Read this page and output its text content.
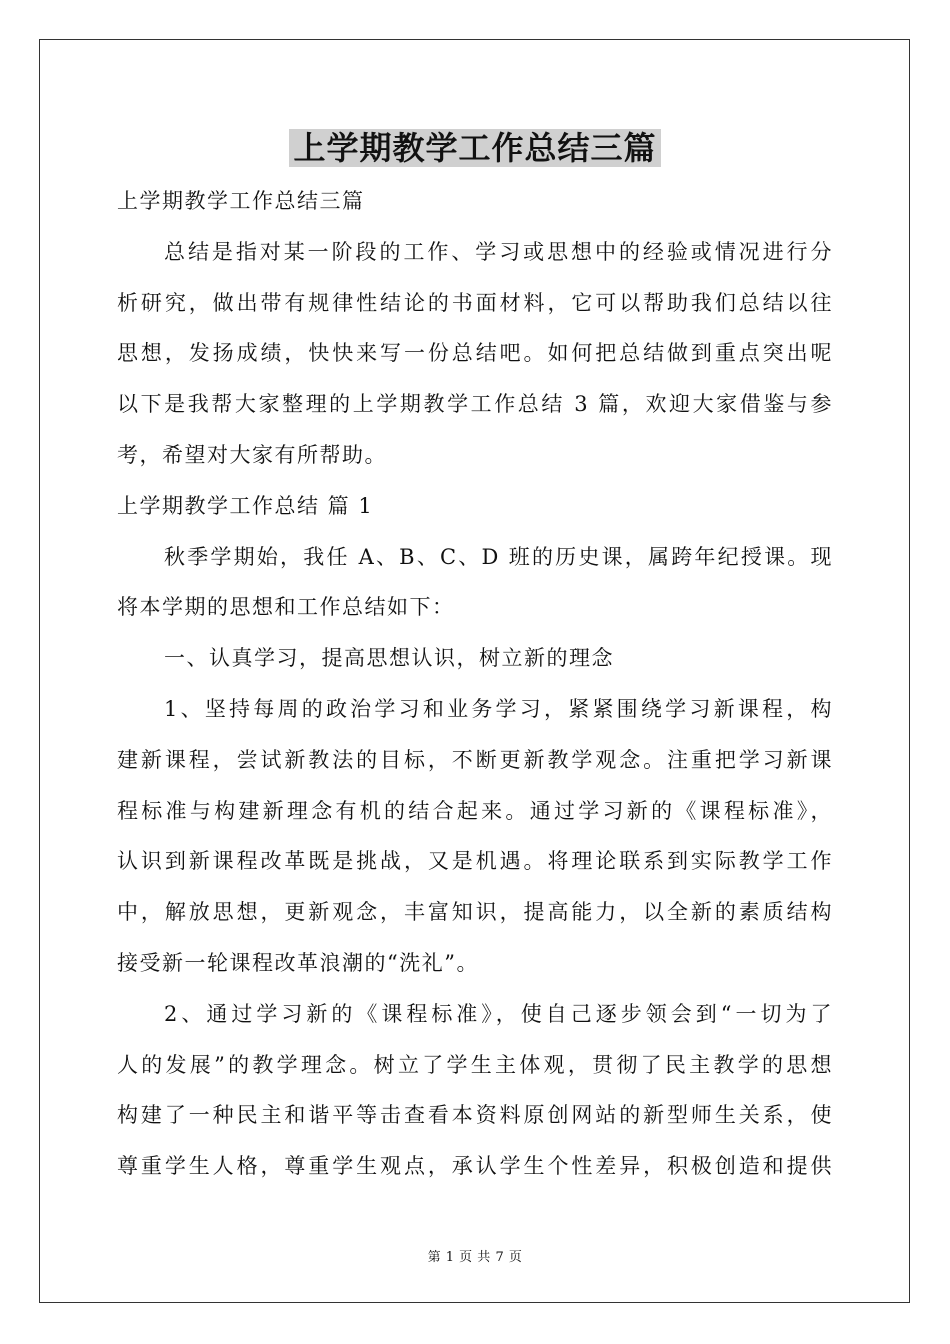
上学期教学工作总结三篇
上学期教学工作总结三篇
总结是指对某一阶段的工作、学习或思想中的经验或情况进行分
析研究，做出带有规律性结论的书面材料，它可以帮助我们总结以往
思想，发扬成绩，快快来写一份总结吧。如何把总结做到重点突出呢
以下是我帮大家整理的上学期教学工作总结 3 篇，欢迎大家借鉴与参
考，希望对大家有所帮助。
上学期教学工作总结 篇 1
秋季学期始，我任 A、B、C、D 班的历史课，属跨年纪授课。现
将本学期的思想和工作总结如下：
一、认真学习，提高思想认识，树立新的理念
1、坚持每周的政治学习和业务学习，紧紧围绕学习新课程，构
建新课程，尝试新教法的目标，不断更新教学观念。注重把学习新课
程标准与构建新理念有机的结合起来。通过学习新的《课程标准》，
认识到新课程改革既是挑战，又是机遇。将理论联系到实际教学工作
中，解放思想，更新观念，丰富知识，提高能力，以全新的素质结构
接受新一轮课程改革浪潮的“洗礼”。
2、通过学习新的《课程标准》，使自己逐步领会到“一切为了
人的发展”的教学理念。树立了学生主体观，贯彻了民主教学的思想
构建了一种民主和谐平等击查看本资料原创网站的新型师生关系，使
尊重学生人格，尊重学生观点，承认学生个性差异，积极创造和提供
第 1 页 共 7 页
